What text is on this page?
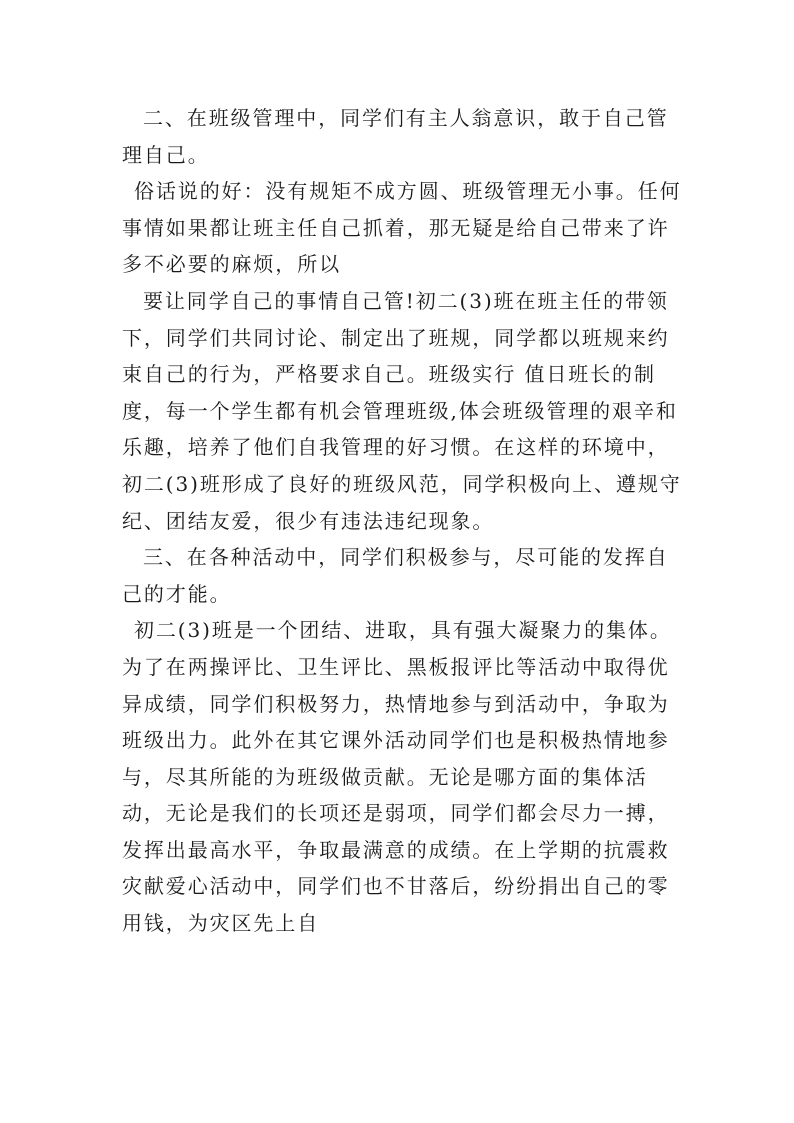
二、在班级管理中，同学们有主人翁意识，敢于自己管理自己。

俗话说的好：没有规矩不成方圆、班级管理无小事。任何事情如果都让班主任自己抓着，那无疑是给自己带来了许多不必要的麻烦，所以

要让同学自己的事情自己管!初二(3)班在班主任的带领下，同学们共同讨论、制定出了班规，同学都以班规来约束自己的行为，严格要求自己。班级实行 值日班长的制度，每一个学生都有机会管理班级,体会班级管理的艰辛和乐趣，培养了他们自我管理的好习惯。在这样的环境中，初二(3)班形成了良好的班级风范，同学积极向上、遵规守纪、团结友爱，很少有违法违纪现象。

三、在各种活动中，同学们积极参与，尽可能的发挥自己的才能。

初二(3)班是一个团结、进取，具有强大凝聚力的集体。为了在两操评比、卫生评比、黑板报评比等活动中取得优异成绩，同学们积极努力，热情地参与到活动中，争取为班级出力。此外在其它课外活动同学们也是积极热情地参与，尽其所能的为班级做贡献。无论是哪方面的集体活动，无论是我们的长项还是弱项，同学们都会尽力一搏，发挥出最高水平，争取最满意的成绩。在上学期的抗震救灾献爱心活动中，同学们也不甘落后，纷纷捐出自己的零用钱，为灾区先上自
